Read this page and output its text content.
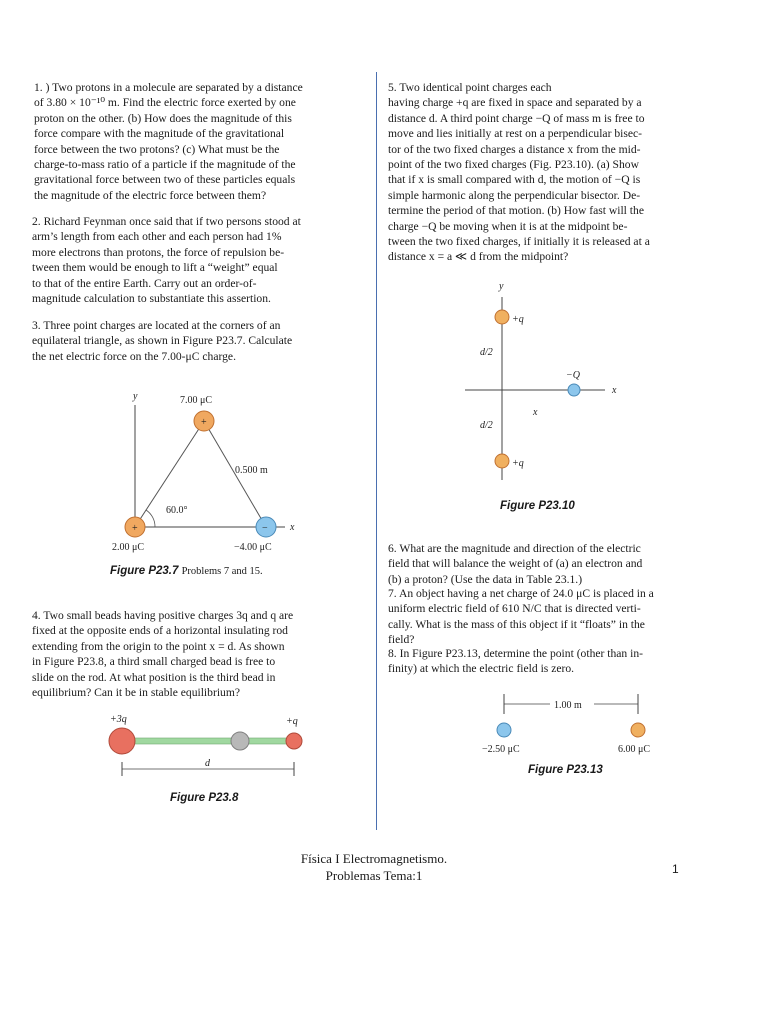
1. ) Two protons in a molecule are separated by a distance
of 3.80 × 10⁻¹⁰ m. Find the electric force exerted by one
proton on the other. (b) How does the magnitude of this
force compare with the magnitude of the gravitational
force between the two protons? (c) What must be the
charge-to-mass ratio of a particle if the magnitude of the
gravitational force between two of these particles equals
the magnitude of the electric force between them?
2. Richard Feynman once said that if two persons stood at
arm’s length from each other and each person had 1%
more electrons than protons, the force of repulsion be-
tween them would be enough to lift a “weight” equal
to that of the entire Earth. Carry out an order-of-
magnitude calculation to substantiate this assertion.
3. Three point charges are located at the corners of an
equilateral triangle, as shown in Figure P23.7. Calculate
the net electric force on the 7.00-μC charge.
+
+	−
y
x
7.00 μC
0.500 m
60.0°
2.00 μC	−4.00 μC
Figure P23.7 Problems 7 and 15.
4. Two small beads having positive charges 3q and q are
fixed at the opposite ends of a horizontal insulating rod
extending from the origin to the point x = d. As shown
in Figure P23.8, a third small charged bead is free to
slide on the rod. At what position is the third bead in
equilibrium? Can it be in stable equilibrium?
+3q	+q
d
Figure P23.8
5. Two identical point charges each
having charge +q are fixed in space and separated by a
distance d. A third point charge −Q of mass m is free to
move and lies initially at rest on a perpendicular bisec-
tor of the two fixed charges a distance x from the mid-
point of the two fixed charges (Fig. P23.10). (a) Show
that if x is small compared with d, the motion of −Q is
simple harmonic along the perpendicular bisector. De-
termine the period of that motion. (b) How fast will the
charge −Q be moving when it is at the midpoint be-
tween the two fixed charges, if initially it is released at a
distance x = a ≪ d from the midpoint?
y
x
+q
+q
−Q
d/2
d/2
x
Figure P23.10
6. What are the magnitude and direction of the electric
field that will balance the weight of (a) an electron and
(b) a proton? (Use the data in Table 23.1.)
7. An object having a net charge of 24.0 μC is placed in a
uniform electric field of 610 N/C that is directed verti-
cally. What is the mass of this object if it “floats” in the
field?
8. In Figure P23.13, determine the point (other than in-
finity) at which the electric field is zero.
1.00 m
−2.50 μC	6.00 μC
Figure P23.13
Física I Electromagnetismo.
Problemas Tema:1	1
